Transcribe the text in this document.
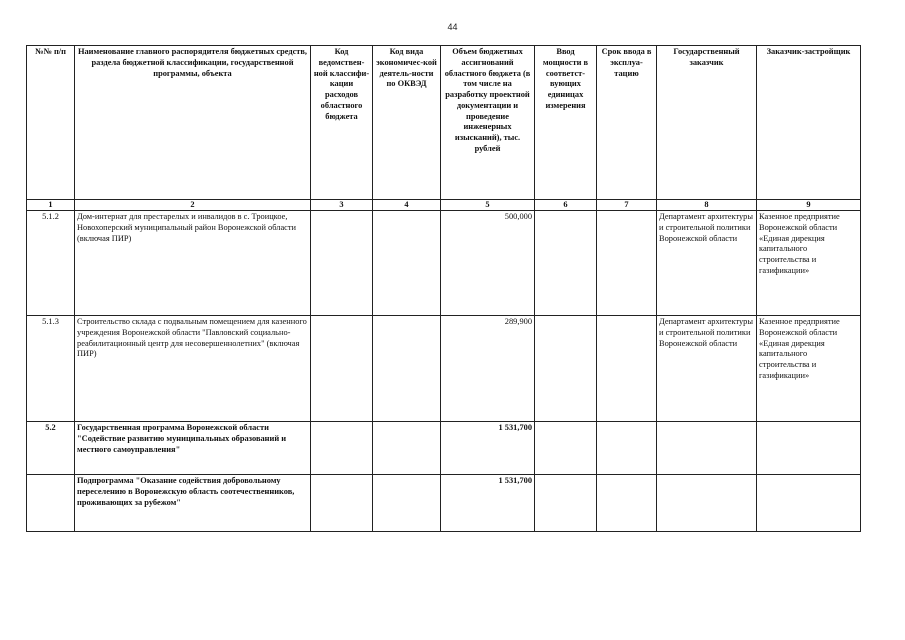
44
№№ п/п	Наименование главного распорядителя бюджетных средств, раздела бюджетной классификации, государственной программы, объекта	Код ведомствен-ной классифи-кации расходов областного бюджета	Код вида экономичес-кой деятель-ности по ОКВЭД	Объем бюджетных ассигнований областного бюджета (в том числе на разработку проектной документации и проведение инженерных изысканий), тыс. рублей	Ввод мощности в соответст-вующих единицах измерения	Срок ввода в эксплуа-тацию	Государственный заказчик	Заказчик-застройщик
1	2	3	4	5	6	7	8	9
5.1.2	Дом-интернат для престарелых и инвалидов в с. Троицкое, Новохоперский муниципальный район Воронежской области (включая ПИР)			500,000			Департамент архитектуры и строительной политики Воронежской области	Казенное предприятие Воронежской области «Единая дирекция капитального строительства и газификации»
5.1.3	Строительство склада с подвальным помещением для казенного учреждения Воронежской области "Павловский социально-реабилитационный центр для несовершеннолетних" (включая ПИР)			289,900			Департамент архитектуры и строительной политики Воронежской области	Казенное предприятие Воронежской области «Единая дирекция капитального строительства и газификации»
5.2	Государственная программа Воронежской области "Содействие развитию муниципальных образований и местного самоуправления"			1 531,700				
	Подпрограмма "Оказание содействия добровольному переселению в Воронежскую область соотечественников, проживающих за рубежом"			1 531,700				
